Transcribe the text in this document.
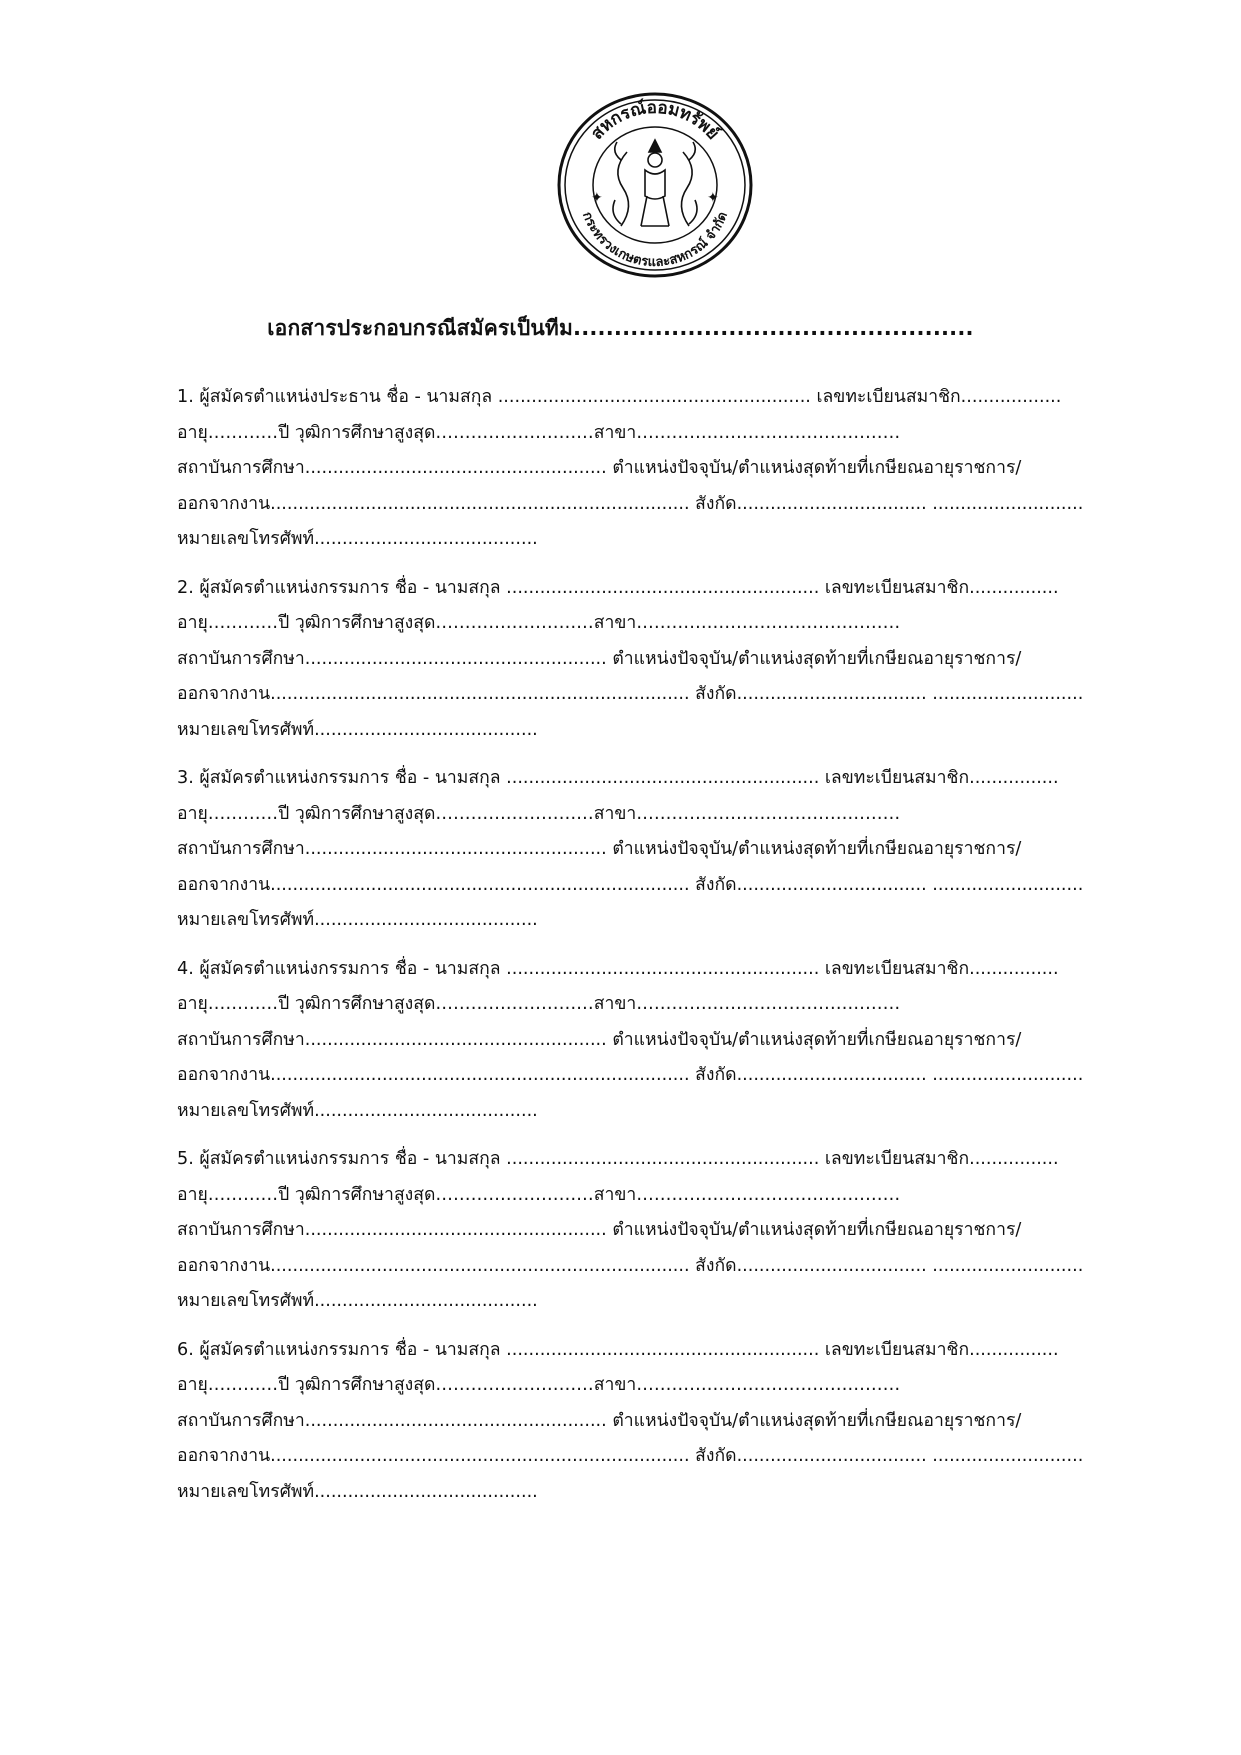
สหกรณ์ออมทรัพย์
กระทรวงเกษตรและสหกรณ์ จำกัด
✦	✦
เอกสารประกอบกรณีสมัครเป็นทีม.................................................
1. ผู้สมัครตำแหน่งประธาน ชื่อ - นามสกุล ........................................................ เลขทะเบียนสมาชิก..................
อายุ…………ปี วุฒิการศึกษาสูงสุด………………………สาขา………………………………………
สถาบันการศึกษา...................................................... ตำแหน่งปัจจุบัน/ตำแหน่งสุดท้ายที่เกษียณอายุราชการ/
ออกจากงาน........................................................................... สังกัด.................................. ...........................
หมายเลขโทรศัพท์........................................
2. ผู้สมัครตำแหน่งกรรมการ ชื่อ - นามสกุล ........................................................ เลขทะเบียนสมาชิก................
อายุ…………ปี วุฒิการศึกษาสูงสุด………………………สาขา………………………………………
สถาบันการศึกษา...................................................... ตำแหน่งปัจจุบัน/ตำแหน่งสุดท้ายที่เกษียณอายุราชการ/
ออกจากงาน........................................................................... สังกัด.................................. ...........................
หมายเลขโทรศัพท์........................................
3. ผู้สมัครตำแหน่งกรรมการ ชื่อ - นามสกุล ........................................................ เลขทะเบียนสมาชิก................
อายุ…………ปี วุฒิการศึกษาสูงสุด………………………สาขา………………………………………
สถาบันการศึกษา...................................................... ตำแหน่งปัจจุบัน/ตำแหน่งสุดท้ายที่เกษียณอายุราชการ/
ออกจากงาน........................................................................... สังกัด.................................. ...........................
หมายเลขโทรศัพท์........................................
4. ผู้สมัครตำแหน่งกรรมการ ชื่อ - นามสกุล ........................................................ เลขทะเบียนสมาชิก................
อายุ…………ปี วุฒิการศึกษาสูงสุด………………………สาขา………………………………………
สถาบันการศึกษา...................................................... ตำแหน่งปัจจุบัน/ตำแหน่งสุดท้ายที่เกษียณอายุราชการ/
ออกจากงาน........................................................................... สังกัด.................................. ...........................
หมายเลขโทรศัพท์........................................
5. ผู้สมัครตำแหน่งกรรมการ ชื่อ - นามสกุล ........................................................ เลขทะเบียนสมาชิก................
อายุ…………ปี วุฒิการศึกษาสูงสุด………………………สาขา………………………………………
สถาบันการศึกษา...................................................... ตำแหน่งปัจจุบัน/ตำแหน่งสุดท้ายที่เกษียณอายุราชการ/
ออกจากงาน........................................................................... สังกัด.................................. ...........................
หมายเลขโทรศัพท์........................................
6. ผู้สมัครตำแหน่งกรรมการ ชื่อ - นามสกุล ........................................................ เลขทะเบียนสมาชิก................
อายุ…………ปี วุฒิการศึกษาสูงสุด………………………สาขา………………………………………
สถาบันการศึกษา...................................................... ตำแหน่งปัจจุบัน/ตำแหน่งสุดท้ายที่เกษียณอายุราชการ/
ออกจากงาน........................................................................... สังกัด.................................. ...........................
หมายเลขโทรศัพท์........................................
